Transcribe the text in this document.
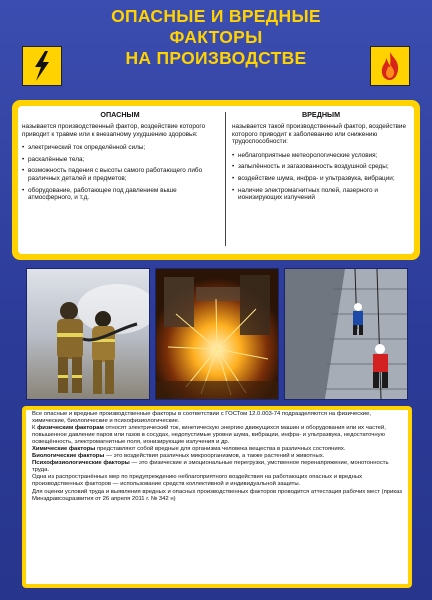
ОПАСНЫЕ И ВРЕДНЫЕ ФАКТОРЫ
НА ПРОИЗВОДСТВЕ
ОПАСНЫМ
называется производственный фактор, воздействие которого приводит к травме или к внезапному ухудшению здоровья:
• электрический ток определённой силы;
• раскалённые тела;
• возможность падения с высоты самого работающего либо различных деталей и предметов;
• оборудование, работающее под давлением выше атмосферного, и т.д.
ВРЕДНЫМ
называется такой производственный фактор, воздействие которого приводит к заболеванию или снижению трудоспособности:
• неблагоприятные метеорологические условия;
• запылённость и загазованность воздушной среды;
• воздействие шума, инфра- и ультразвука, вибрации;
• наличие электромагнитных полей, лазерного и ионизирующих излучений

Все опасные и вредные производственные факторы в соответствии с ГОСТом 12.0.003-74 подразделяются на физические, химические, биологические и психофизиологические.

К физическим факторам относят электрический ток, кинетическую энергию движущихся машин и оборудования или их частей, повышенное давление паров или газов в сосудах, недопустимые уровни шума, вибрации, инфра- и ультразвука, недостаточную освещённость, электромагнитные поля, ионизирующие излучения и др.

Химические факторы представляют собой вредные для организма человека вещества в различных состояниях.

Биологические факторы — это воздействия различных микроорганизмов, а также растений и животных.

Психофизиологические факторы — это физические и эмоциональные перегрузки, умственное перенапряжение, монотонность труда.

Одна из распространённых мер по предупреждению неблагоприятного воздействия на работающих опасных и вредных производственных факторов — использование средств коллективной и индивидуальной защиты.

Для оценки условий труда и выявления вредных и опасных производственных факторов проводится аттестация рабочих мест (приказ Минздравсоцразвития от 26 апреля 2011 г. № 342 н)
